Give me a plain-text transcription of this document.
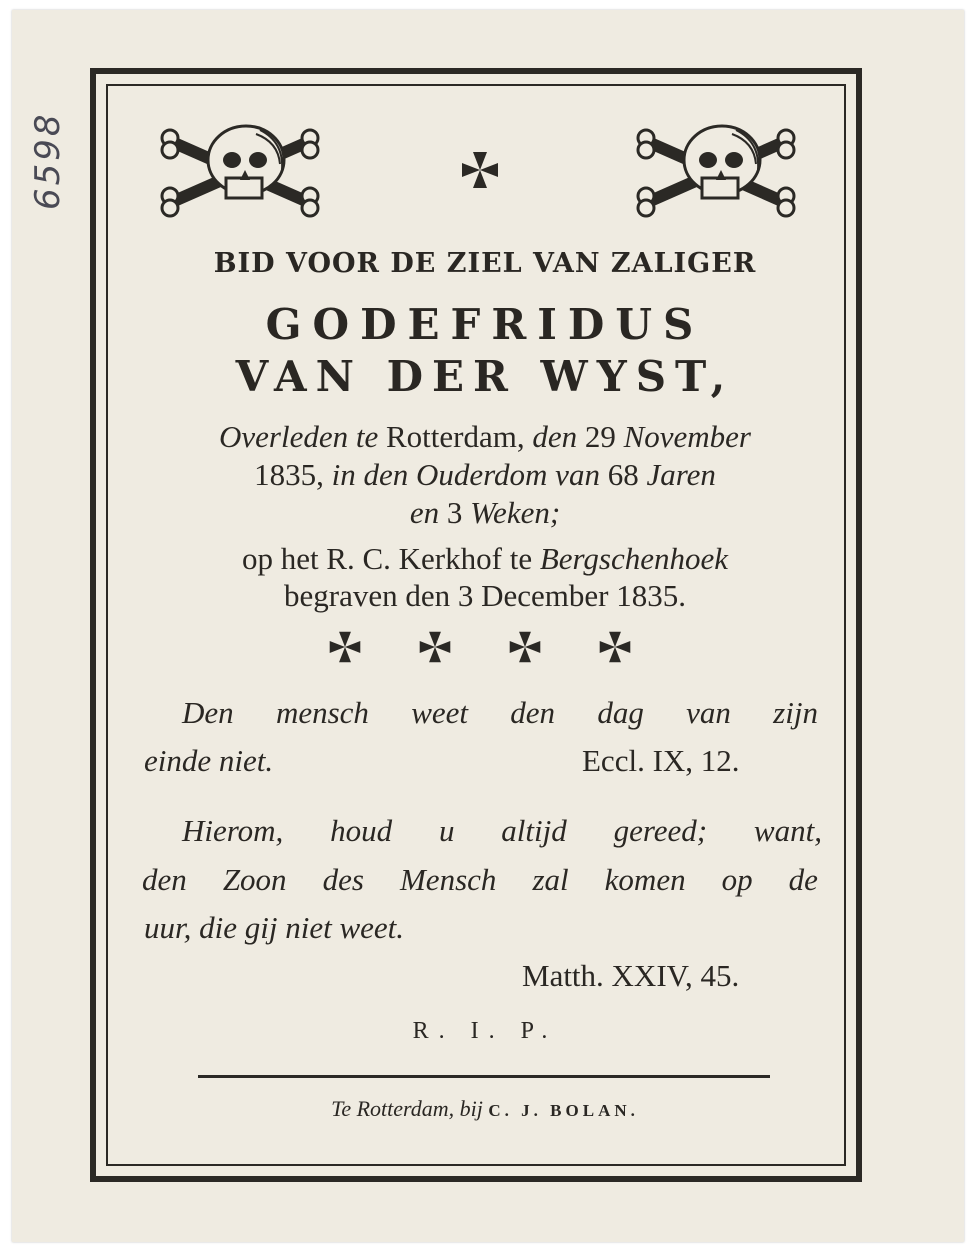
6598
BID VOOR DE ZIEL VAN ZALIGER
GODEFRIDUS
VAN DER WYST,
Overleden te Rotterdam, den 29 November
1835, in den Ouderdom van 68 Jaren
en 3 Weken;
op het R. C. Kerkhof te Bergschenhoek
begraven den 3 December 1835.
Den mensch weet den dag van zijn
einde niet.	Eccl. IX, 12.
Hierom, houd u altijd gereed; want,
den Zoon des Mensch zal komen op de
uur, die gij niet weet.
Matth. XXIV, 45.
R. I. P.
Te Rotterdam, bij C. J. BOLAN.
